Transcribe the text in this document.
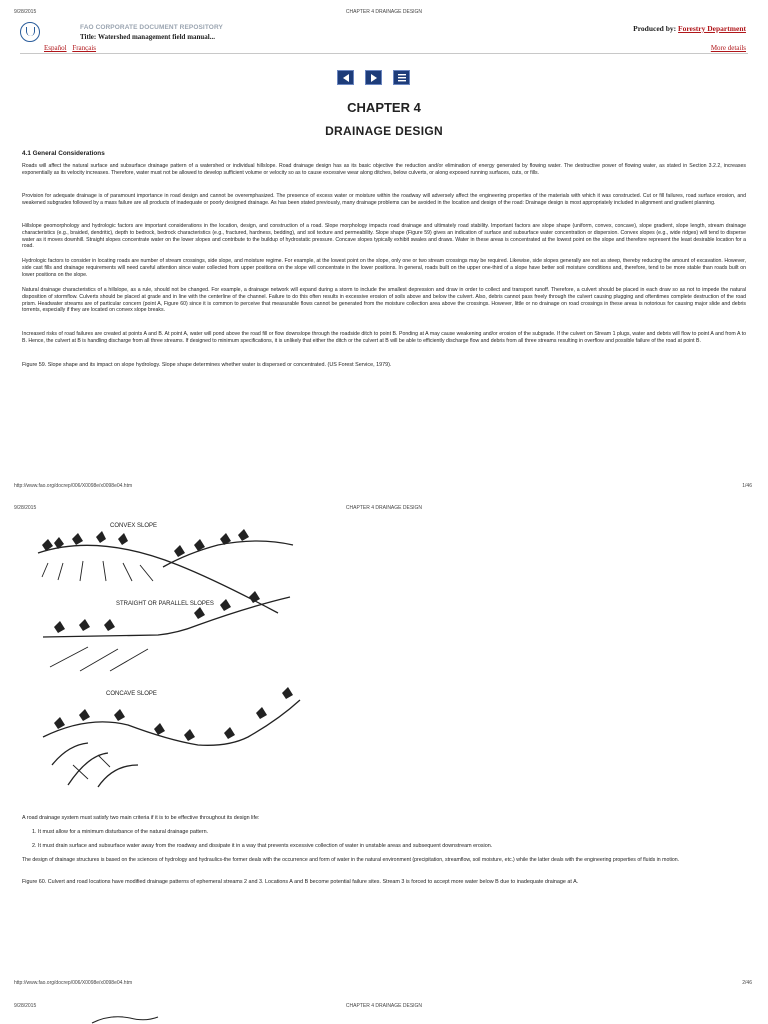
9/28/2015	CHAPTER 4 DRAINAGE DESIGN
FAO CORPORATE DOCUMENT REPOSITORY
Title: Watershed management field manual...
Produced by: Forestry Department
Español Français	More details
CHAPTER 4
DRAINAGE DESIGN
4.1 General Considerations
Roads will affect the natural surface and subsurface drainage pattern of a watershed or individual hillslope. Road drainage design has as its basic objective the reduction and/or elimination of energy generated by flowing water. The destructive power of flowing water, as stated in Section 3.2.2, increases exponentially as its velocity increases. Therefore, water must not be allowed to develop sufficient volume or velocity so as to cause excessive wear along ditches, below culverts, or along exposed running surfaces, cuts, or fills.
Provision for adequate drainage is of paramount importance in road design and cannot be overemphasized. The presence of excess water or moisture within the roadway will adversely affect the engineering properties of the materials with which it was constructed. Cut or fill failures, road surface erosion, and weakened subgrades followed by a mass failure are all products of inadequate or poorly designed drainage. As has been stated previously, many drainage problems can be avoided in the location and design of the road: Drainage design is most appropriately included in alignment and gradient planning.
Hillslope geomorphology and hydrologic factors are important considerations in the location, design, and construction of a road. Slope morphology impacts road drainage and ultimately road stability. Important factors are slope shape (uniform, convex, concave), slope gradient, slope length, stream drainage characteristics (e.g., braided, dendritic), depth to bedrock, bedrock characteristics (e.g., fractured, hardness, bedding), and soil texture and permeability. Slope shape (Figure 59) gives an indication of surface and subsurface water concentration or dispersion. Convex slopes (e.g., wide ridges) will tend to disperse water as it moves downhill. Straight slopes concentrate water on the lower slopes and contribute to the buildup of hydrostatic pressure. Concave slopes typically exhibit swales and draws. Water in these areas is concentrated at the lowest point on the slope and therefore represent the least desirable location for a road.
Hydrologic factors to consider in locating roads are number of stream crossings, side slope, and moisture regime. For example, at the lowest point on the slope, only one or two stream crossings may be required. Likewise, side slopes generally are not as steep, thereby reducing the amount of excavation. However, side cast fills and drainage requirements will need careful attention since water collected from upper positions on the slope will concentrate in the lower positions. In general, roads built on the upper one-third of a slope have better soil moisture conditions and, therefore, tend to be more stable than roads built on lower positions on the slope.
Natural drainage characteristics of a hillslope, as a rule, should not be changed. For example, a drainage network will expand during a storm to include the smallest depression and draw in order to collect and transport runoff. Therefore, a culvert should be placed in each draw so as not to impede the natural disposition of stormflow. Culverts should be placed at grade and in line with the centerline of the channel. Failure to do this often results in excessive erosion of soils above and below the culvert. Also, debris cannot pass freely through the culvert causing plugging and oftentimes complete destruction of the road prism. Headwater streams are of particular concern (point A, Figure 60) since it is common to perceive that measurable flows cannot be generated from the moisture collection area above the crossings. However, little or no drainage on road crossings in these areas is notorious for causing major slide and debris torrents, especially if they are located on convex slope breaks.
Increased risks of road failures are created at points A and B. At point A, water will pond above the road fill or flow downslope through the roadside ditch to point B. Ponding at A may cause weakening and/or erosion of the subgrade. If the culvert on Stream 1 plugs, water and debris will flow to point A and from A to B. Hence, the culvert at B is handling discharge from all three streams. If designed to minimum specifications, it is unlikely that either the ditch or the culvert at B will be able to efficiently discharge flow and debris from all three streams resulting in overflow and possible failure of the road at point B.
Figure 59. Slope shape and its impact on slope hydrology. Slope shape determines whether water is dispersed or concentrated. (US Forest Service, 1979).
http://www.fao.org/docrep/006/X0098e/x0098e04.htm	1/46
9/28/2015	CHAPTER 4 DRAINAGE DESIGN
CONVEX SLOPE
STRAIGHT OR PARALLEL SLOPES
CONCAVE SLOPE
A road drainage system must satisfy two main criteria if it is to be effective throughout its design life:
1. It must allow for a minimum disturbance of the natural drainage pattern.
2. It must drain surface and subsurface water away from the roadway and dissipate it in a way that prevents excessive collection of water in unstable areas and subsequent downstream erosion.
The design of drainage structures is based on the sciences of hydrology and hydraulics-the former deals with the occurrence and form of water in the natural environment (precipitation, streamflow, soil moisture, etc.) while the latter deals with the engineering properties of fluids in motion.
Figure 60. Culvert and road locations have modified drainage patterns of ephemeral streams 2 and 3. Locations A and B become potential failure sites. Stream 3 is forced to accept more water below B due to inadequate drainage at A.
http://www.fao.org/docrep/006/X0098e/x0098e04.htm	2/46
9/28/2015	CHAPTER 4 DRAINAGE DESIGN
